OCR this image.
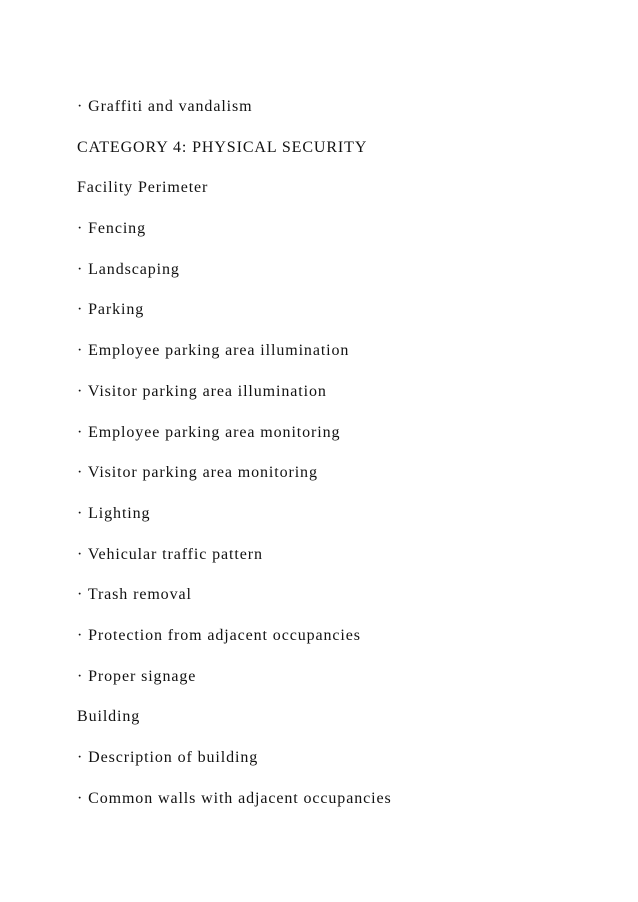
· Graffiti and vandalism
CATEGORY 4: PHYSICAL SECURITY
Facility Perimeter
· Fencing
· Landscaping
· Parking
· Employee parking area illumination
· Visitor parking area illumination
· Employee parking area monitoring
· Visitor parking area monitoring
· Lighting
· Vehicular traffic pattern
· Trash removal
· Protection from adjacent occupancies
· Proper signage
Building
· Description of building
· Common walls with adjacent occupancies
